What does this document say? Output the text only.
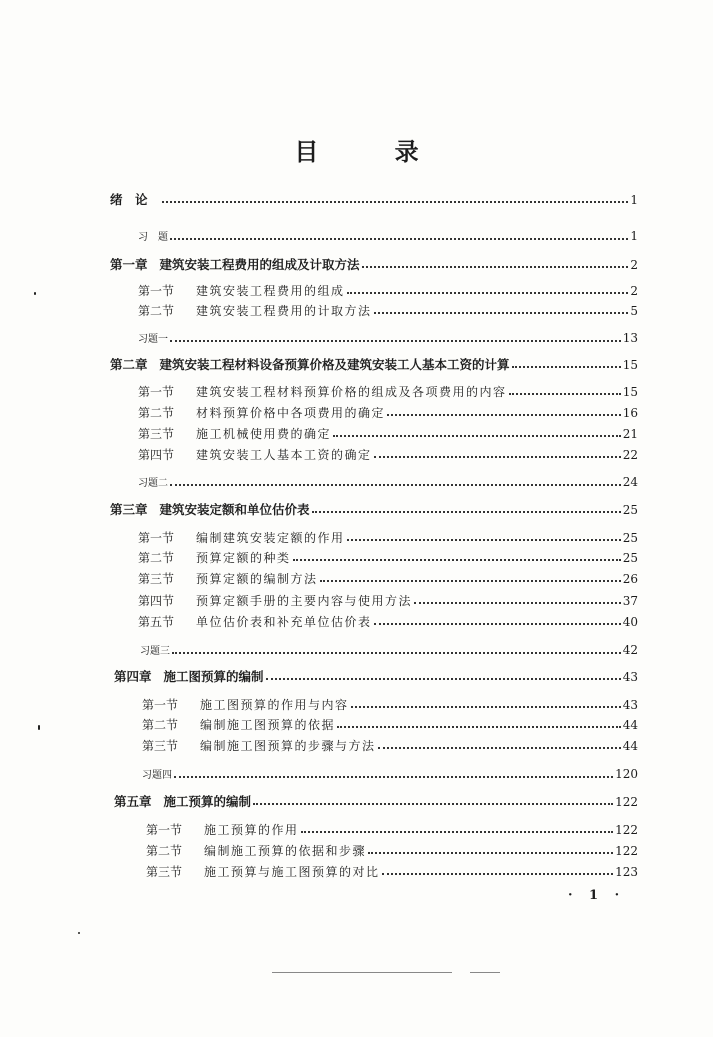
目 录
绪　论	1
习　题	1
第一章 建筑安装工程费用的组成及计取方法	2
第一节 建筑安装工程费用的组成	2
第二节 建筑安装工程费用的计取方法	5
习题一	13
第二章 建筑安装工程材料设备预算价格及建筑安装工人基本工资的计算	15
第一节 建筑安装工程材料预算价格的组成及各项费用的内容	15
第二节 材料预算价格中各项费用的确定	16
第三节 施工机械使用费的确定	21
第四节 建筑安装工人基本工资的确定	22
习题二	24
第三章 建筑安装定额和单位估价表	25
第一节 编制建筑安装定额的作用	25
第二节 预算定额的种类	25
第三节 预算定额的编制方法	26
第四节 预算定额手册的主要内容与使用方法	37
第五节 单位估价表和补充单位估价表	40
习题三	42
第四章 施工图预算的编制	43
第一节 施工图预算的作用与内容	43
第二节 编制施工图预算的依据	44
第三节 编制施工图预算的步骤与方法	44
习题四	120
第五章 施工预算的编制	122
第一节 施工预算的作用	122
第二节 编制施工预算的依据和步骤	122
第三节 施工预算与施工图预算的对比	123
· 1 ·
